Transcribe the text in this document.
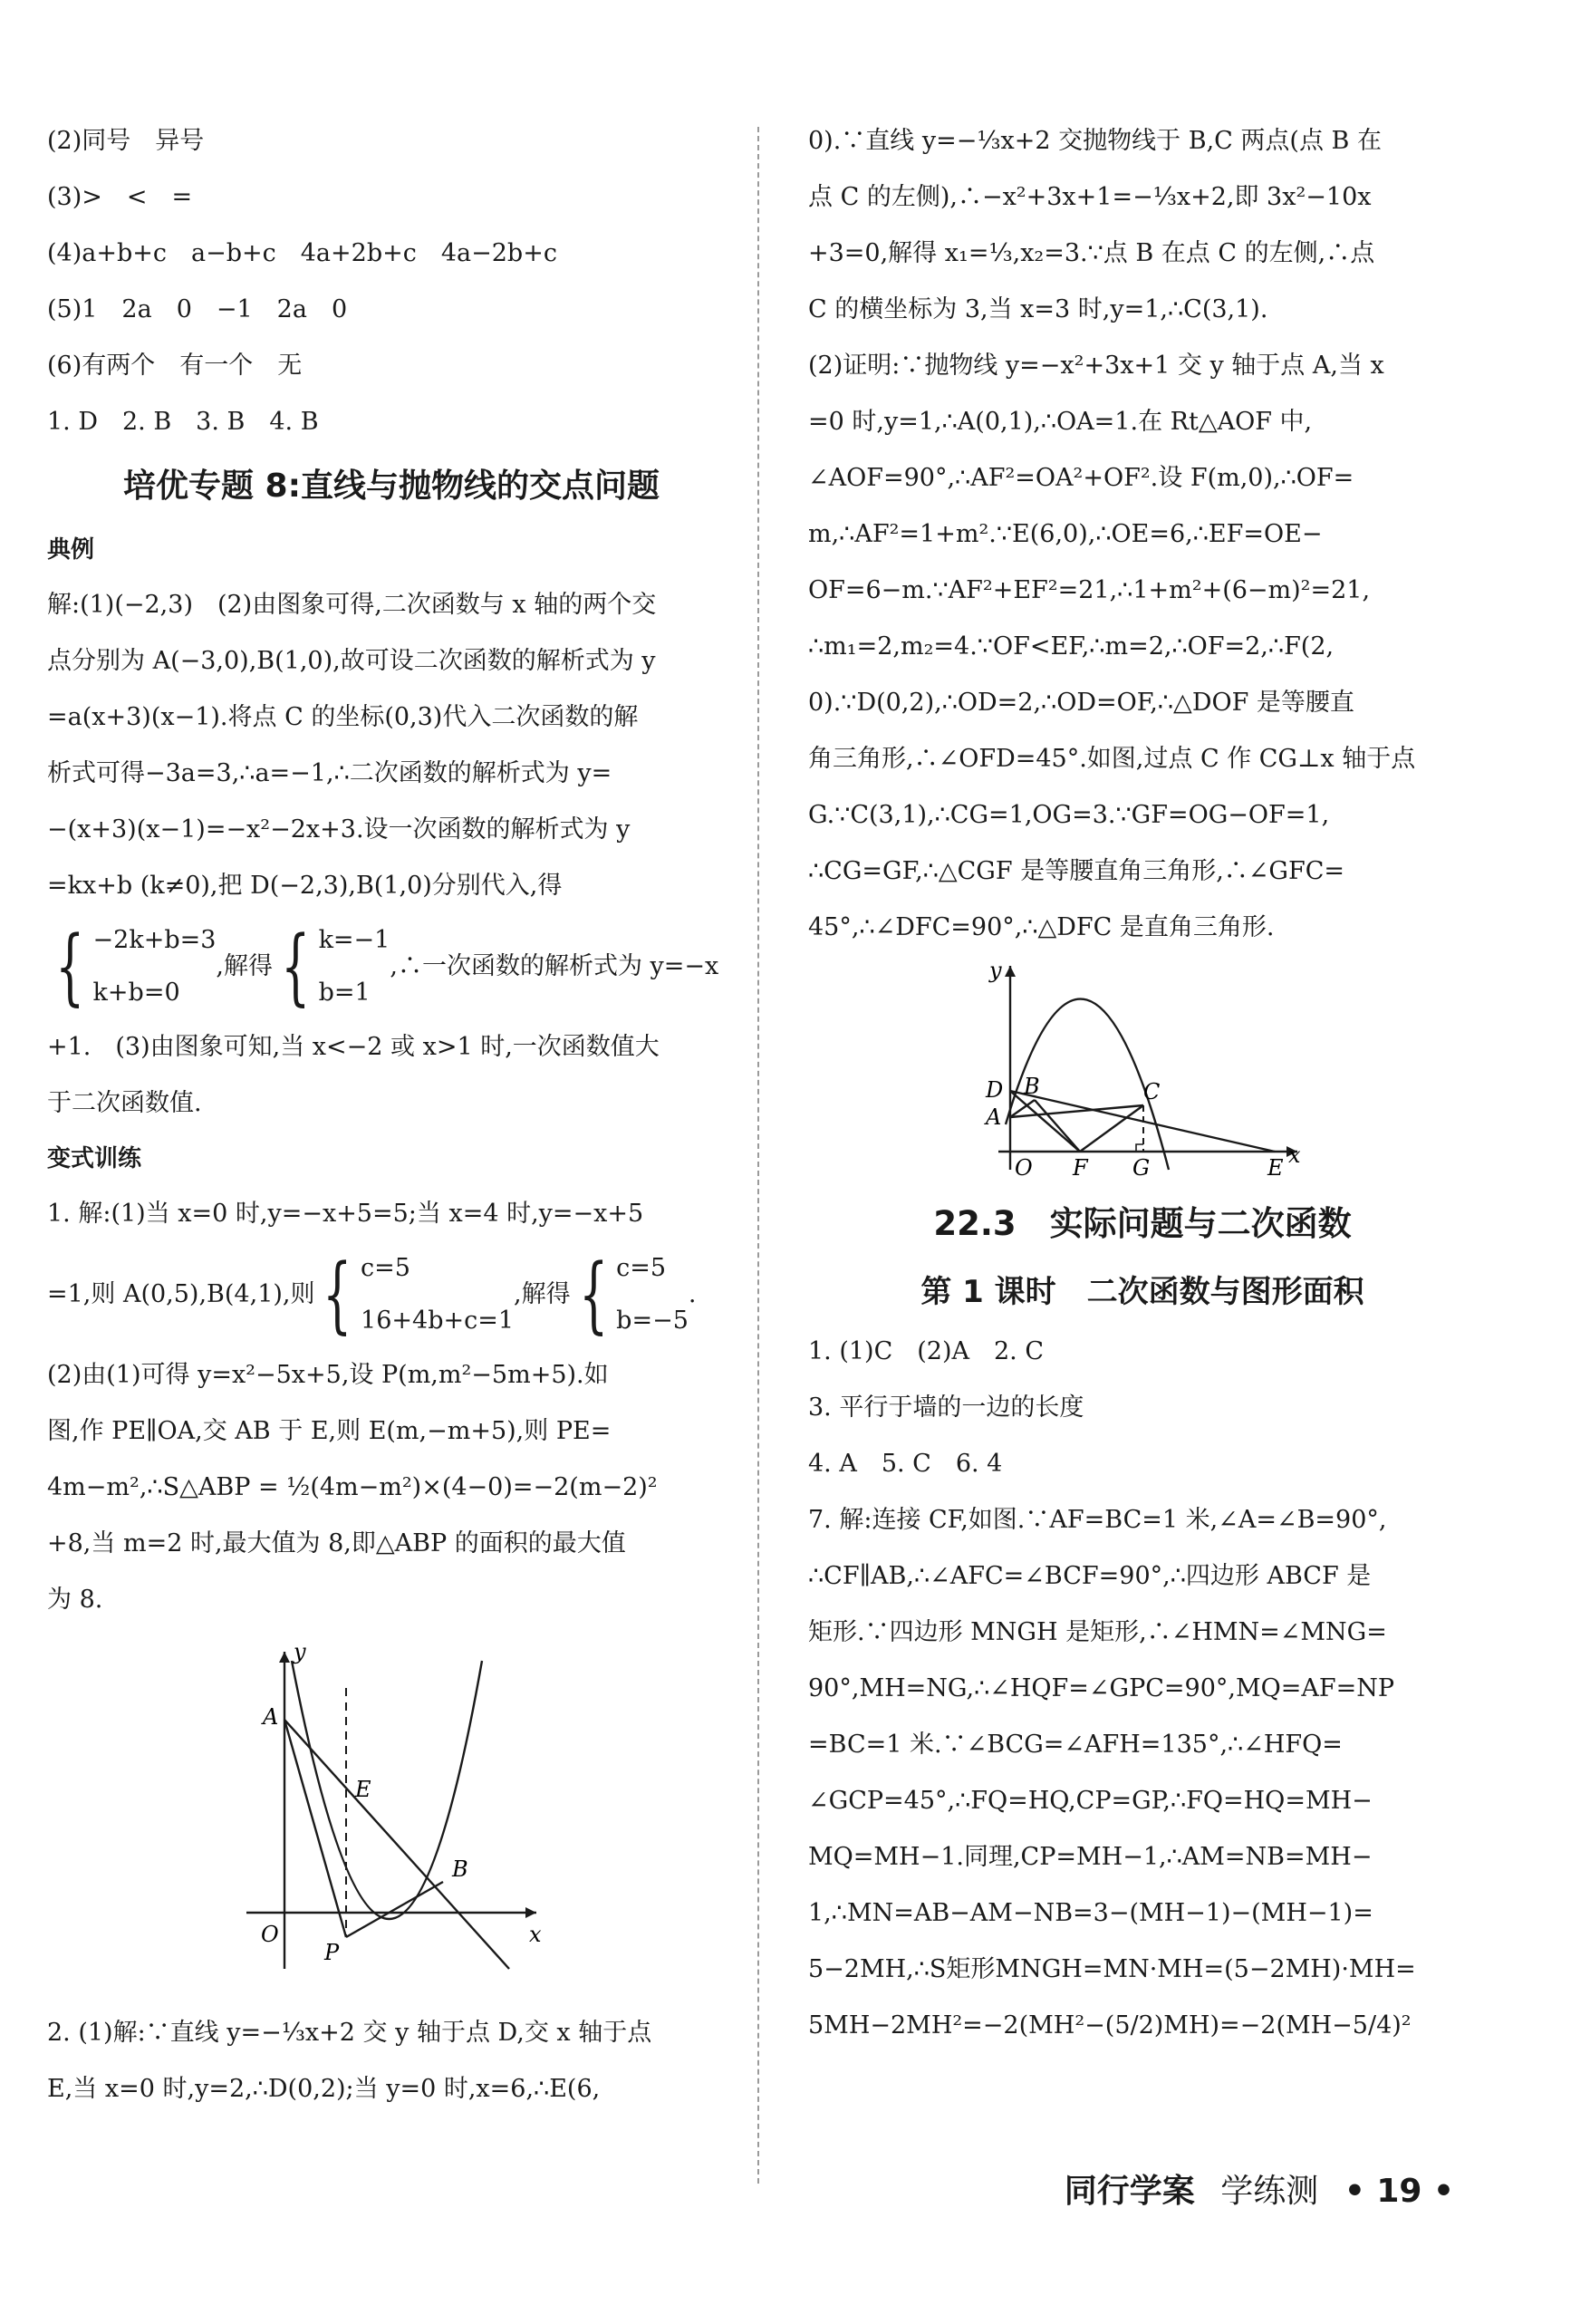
(2)同号　异号

(3)>　<　=

(4)a+b+c　a−b+c　4a+2b+c　4a−2b+c

(5)1　2a　0　−1　2a　0

(6)有两个　有一个　无

1. D　2. B　3. B　4. B

培优专题 8:直线与抛物线的交点问题

典例

解:(1)(−2,3)　(2)由图象可得,二次函数与 x 轴的两个交

点分别为 A(−3,0),B(1,0),故可设二次函数的解析式为 y

=a(x+3)(x−1).将点 C 的坐标(0,3)代入二次函数的解

析式可得−3a=3,∴a=−1,∴二次函数的解析式为 y=

−(x+3)(x−1)=−x²−2x+3.设一次函数的解析式为 y

=kx+b (k≠0),把 D(−2,3),B(1,0)分别代入,得

{ −2k+b=3
k+b=0
,解得 { k=−1
b=1
,∴一次函数的解析式为 y=−x

+1.　(3)由图象可知,当 x<−2 或 x>1 时,一次函数值大

于二次函数值.

变式训练

1. 解:(1)当 x=0 时,y=−x+5=5;当 x=4 时,y=−x+5

=1,则 A(0,5),B(4,1),则 { c=5
16+4b+c=1
,解得 { c=5
b=−5
.

(2)由(1)可得 y=x²−5x+5,设 P(m,m²−5m+5).如

图,作 PE∥OA,交 AB 于 E,则 E(m,−m+5),则 PE=

4m−m²,∴S△ABP = ½(4m−m²)×(4−0)=−2(m−2)²

+8,当 m=2 时,最大值为 8,即△ABP 的面积的最大值

为 8.

y
x
O
A
E
B
P

2. (1)解:∵直线 y=−⅓x+2 交 y 轴于点 D,交 x 轴于点

E,当 x=0 时,y=2,∴D(0,2);当 y=0 时,x=6,∴E(6,

0).∵直线 y=−⅓x+2 交抛物线于 B,C 两点(点 B 在

点 C 的左侧),∴−x²+3x+1=−⅓x+2,即 3x²−10x

+3=0,解得 x₁=⅓,x₂=3.∵点 B 在点 C 的左侧,∴点

C 的横坐标为 3,当 x=3 时,y=1,∴C(3,1).

(2)证明:∵抛物线 y=−x²+3x+1 交 y 轴于点 A,当 x

=0 时,y=1,∴A(0,1),∴OA=1.在 Rt△AOF 中,

∠AOF=90°,∴AF²=OA²+OF².设 F(m,0),∴OF=

m,∴AF²=1+m².∵E(6,0),∴OE=6,∴EF=OE−

OF=6−m.∵AF²+EF²=21,∴1+m²+(6−m)²=21,

∴m₁=2,m₂=4.∵OF<EF,∴m=2,∴OF=2,∴F(2,

0).∵D(0,2),∴OD=2,∴OD=OF,∴△DOF 是等腰直

角三角形,∴∠OFD=45°.如图,过点 C 作 CG⊥x 轴于点

G.∵C(3,1),∴CG=1,OG=3.∵GF=OG−OF=1,

∴CG=GF,∴△CGF 是等腰直角三角形,∴∠GFC=

45°,∴∠DFC=90°,∴△DFC 是直角三角形.

y
x
O
D B
A
C
F G	E
22.3　实际问题与二次函数
第 1 课时　二次函数与图形面积

1. (1)C　(2)A　2. C

3. 平行于墙的一边的长度

4. A　5. C　6. 4

7. 解:连接 CF,如图.∵AF=BC=1 米,∠A=∠B=90°,

∴CF∥AB,∴∠AFC=∠BCF=90°,∴四边形 ABCF 是

矩形.∵四边形 MNGH 是矩形,∴∠HMN=∠MNG=

90°,MH=NG,∴∠HQF=∠GPC=90°,MQ=AF=NP

=BC=1 米.∵∠BCG=∠AFH=135°,∴∠HFQ=

∠GCP=45°,∴FQ=HQ,CP=GP,∴FQ=HQ=MH−

MQ=MH−1.同理,CP=MH−1,∴AM=NB=MH−

1,∴MN=AB−AM−NB=3−(MH−1)−(MH−1)=

5−2MH,∴S矩形MNGH=MN·MH=(5−2MH)·MH=

5MH−2MH²=−2(MH²−(5/2)MH)=−2(MH−5/4)²

同行学案 学练测 • 19 •
